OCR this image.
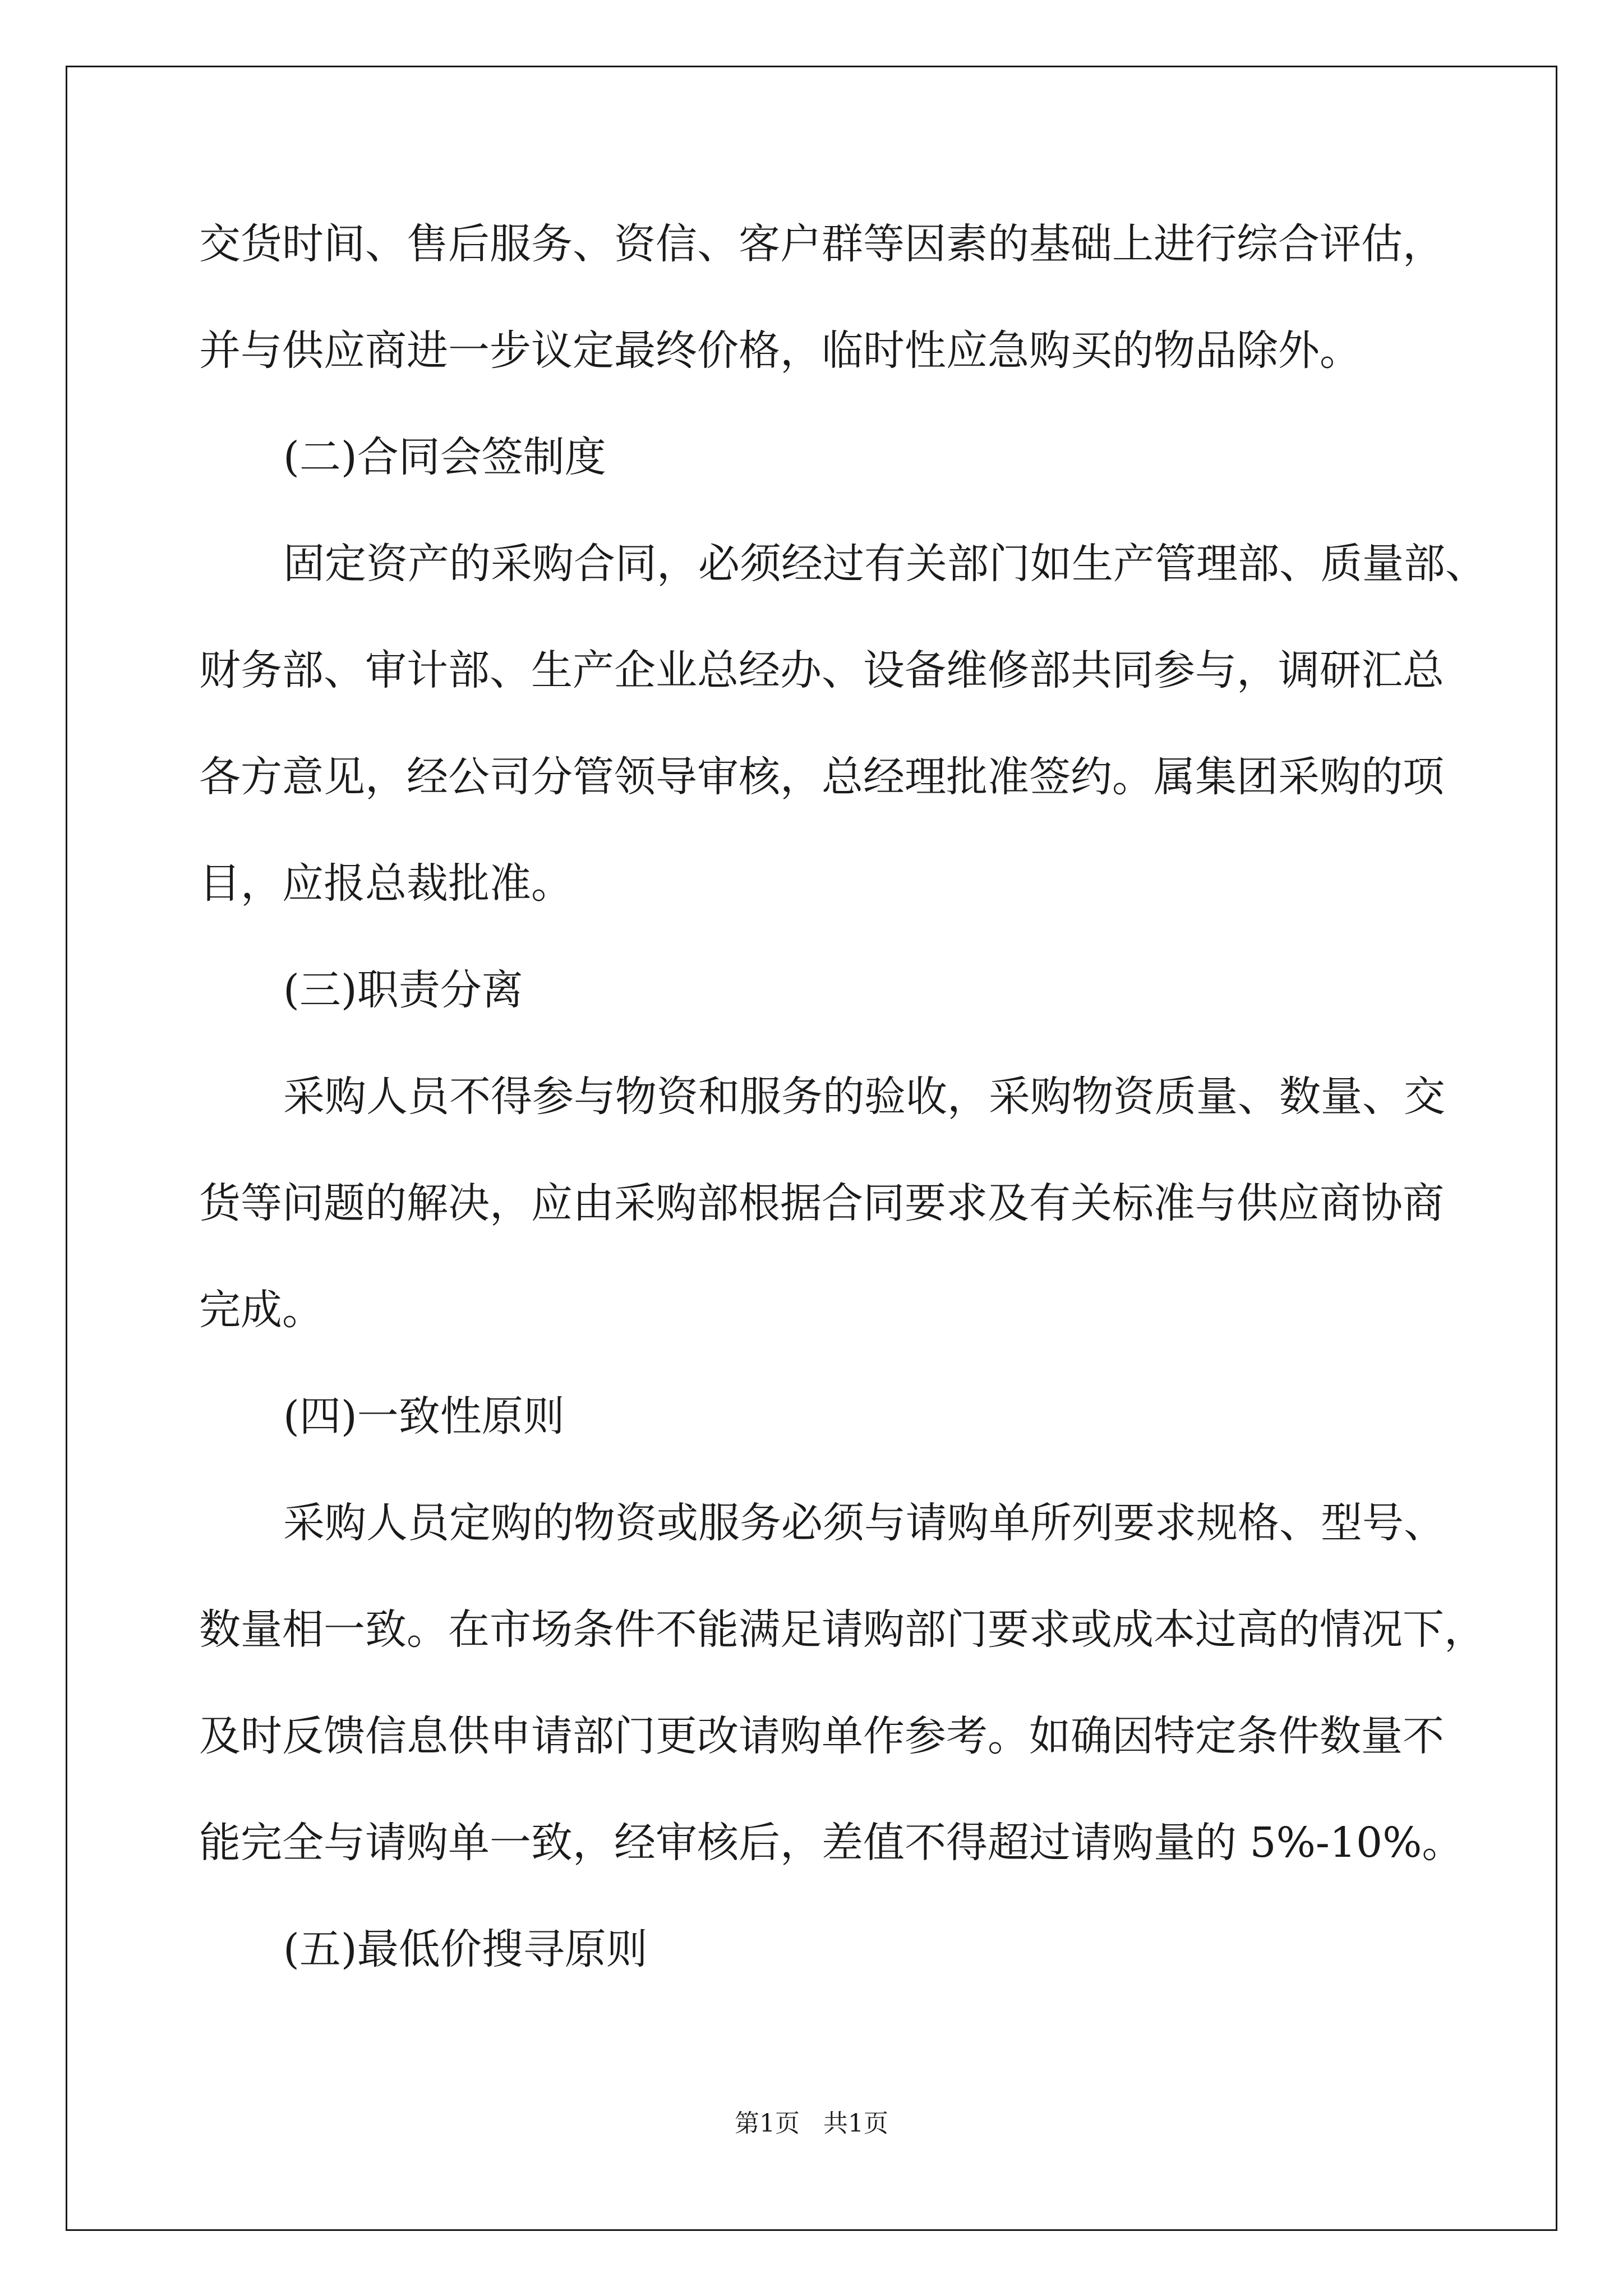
交货时间、售后服务、资信、客户群等因素的基础上进行综合评估，
并与供应商进一步议定最终价格，临时性应急购买的物品除外。
(二)合同会签制度
固定资产的采购合同，必须经过有关部门如生产管理部、质量部、
财务部、审计部、生产企业总经办、设备维修部共同参与，调研汇总
各方意见，经公司分管领导审核，总经理批准签约。属集团采购的项
目，应报总裁批准。
(三)职责分离
采购人员不得参与物资和服务的验收，采购物资质量、数量、交
货等问题的解决，应由采购部根据合同要求及有关标准与供应商协商
完成。
(四)一致性原则
采购人员定购的物资或服务必须与请购单所列要求规格、型号、
数量相一致。在市场条件不能满足请购部门要求或成本过高的情况下，
及时反馈信息供申请部门更改请购单作参考。如确因特定条件数量不
能完全与请购单一致，经审核后，差值不得超过请购量的 5%-10%。
(五)最低价搜寻原则
第1页   共1页
